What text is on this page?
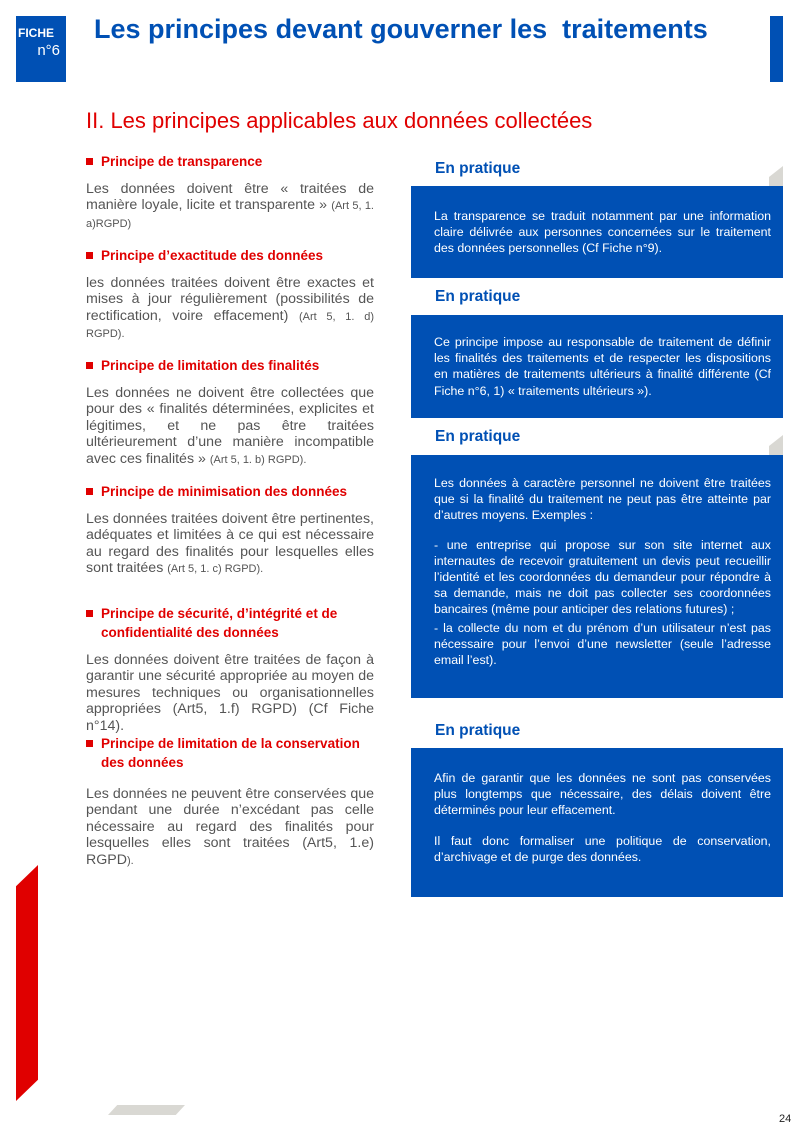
FICHE
n°6
Les principes devant gouverner les  traitements
II. Les principes applicables aux données collectées
Principe de transparence
Les données doivent être « traitées de manière loyale, licite et transparente » (Art 5, 1. a)RGPD)
Principe d’exactitude des données
les données traitées doivent être exactes et mises à jour régulièrement (possibilités de rectification, voire effacement) (Art 5, 1. d) RGPD).
Principe de limitation des finalités
Les données ne doivent être collectées que pour des « finalités déterminées, explicites et légitimes, et ne pas être traitées ultérieurement d’une manière incompatible avec ces finalités » (Art 5, 1. b) RGPD).
Principe de minimisation des données
Les données traitées doivent être pertinentes, adéquates et limitées à ce qui est nécessaire au regard des finalités pour lesquelles elles sont traitées (Art 5, 1. c) RGPD).
Principe de sécurité, d’intégrité et de confidentialité des données
Les données doivent être traitées de façon à garantir une sécurité appropriée au moyen de mesures techniques ou organisationnelles appropriées (Art5, 1.f) RGPD) (Cf Fiche n°14).
Principe de limitation de la conservation des données
Les données ne peuvent être conservées que pendant une durée n’excédant pas celle nécessaire au regard des finalités pour lesquelles elles sont traitées (Art5, 1.e) RGPD).
En pratique

La transparence se traduit notamment par une information claire délivrée aux personnes concernées sur le traitement des données personnelles (Cf Fiche n°9).

En pratique

Ce principe impose au responsable de traitement de définir les finalités des traitements et de respecter les dispositions en matières de traitements ultérieurs à finalité différente (Cf Fiche n°6, 1) « traitements ultérieurs »).

En pratique

Les données à caractère personnel ne doivent être traitées que si la finalité du traitement ne peut pas être atteinte par d’autres moyens. Exemples :

- une entreprise qui propose sur son site internet aux internautes de recevoir gratuitement un devis peut recueillir l’identité et les coordonnées du demandeur pour répondre à sa demande, mais ne doit pas collecter ses coordonnées bancaires (même pour anticiper des relations futures) ;

- la collecte du nom et du prénom d’un utilisateur n’est pas nécessaire pour l’envoi d’une newsletter (seule l’adresse email l’est).

En pratique

Afin de garantir que les données ne sont pas conservées plus longtemps que nécessaire, des délais doivent être déterminés pour leur effacement.

Il faut donc formaliser une politique de conservation, d’archivage et de purge des données.

24
